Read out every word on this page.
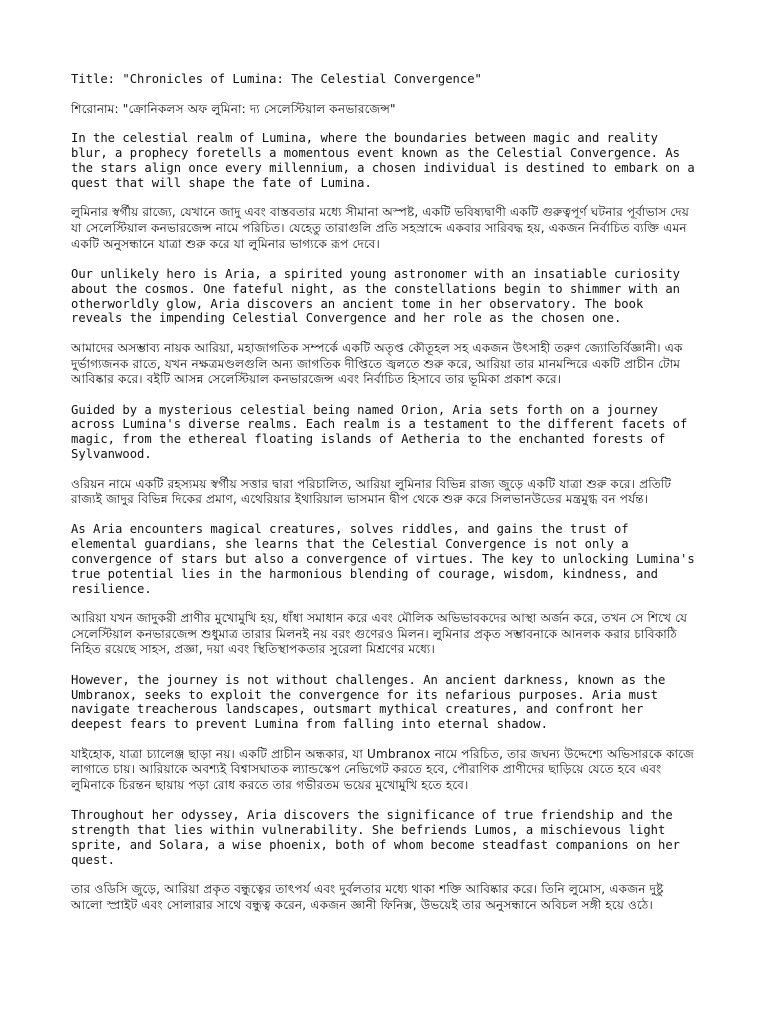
Title: "Chronicles of Lumina: The Celestial Convergence"
শিরোনাম: "ক্রোনিকলস অফ লুমিনা: দ্য সেলেস্টিয়াল কনভারজেন্স"
In the celestial realm of Lumina, where the boundaries between magic and reality blur, a prophecy foretells a momentous event known as the Celestial Convergence. As the stars align once every millennium, a chosen individual is destined to embark on a quest that will shape the fate of Lumina.
লুমিনার স্বর্গীয় রাজ্যে, যেখানে জাদু এবং বাস্তবতার মধ্যে সীমানা অস্পষ্ট, একটি ভবিষ্যদ্বাণী একটি গুরুত্বপূর্ণ ঘটনার পূর্বাভাস দেয় যা সেলেস্টিয়াল কনভারজেন্স নামে পরিচিত। যেহেতু তারাগুলি প্রতি সহস্রাব্দে একবার সারিবদ্ধ হয়, একজন নির্বাচিত ব্যক্তি এমন একটি অনুসন্ধানে যাত্রা শুরু করে যা লুমিনার ভাগ্যকে রূপ দেবে।
Our unlikely hero is Aria, a spirited young astronomer with an insatiable curiosity about the cosmos. One fateful night, as the constellations begin to shimmer with an otherworldly glow, Aria discovers an ancient tome in her observatory. The book reveals the impending Celestial Convergence and her role as the chosen one.
আমাদের অসম্ভাব্য নায়ক আরিয়া, মহাজাগতিক সম্পর্কে একটি অতৃপ্ত কৌতূহল সহ একজন উৎসাহী তরুণ জ্যোতির্বিজ্ঞানী। এক দুর্ভাগ্যজনক রাতে, যখন নক্ষত্রমণ্ডলগুলি অন্য জাগতিক দীপ্তিতে জ্বলতে শুরু করে, আরিয়া তার মানমন্দিরে একটি প্রাচীন টোম আবিষ্কার করে। বইটি আসন্ন সেলেস্টিয়াল কনভারজেন্স এবং নির্বাচিত হিসাবে তার ভূমিকা প্রকাশ করে।
Guided by a mysterious celestial being named Orion, Aria sets forth on a journey across Lumina's diverse realms. Each realm is a testament to the different facets of magic, from the ethereal floating islands of Aetheria to the enchanted forests of Sylvanwood.
ওরিয়ন নামে একটি রহস্যময় স্বর্গীয় সত্তার দ্বারা পরিচালিত, আরিয়া লুমিনার বিভিন্ন রাজ্য জুড়ে একটি যাত্রা শুরু করে। প্রতিটি রাজ্যই জাদুর বিভিন্ন দিকের প্রমাণ, এথেরিয়ার ইথারিয়াল ভাসমান দ্বীপ থেকে শুরু করে সিলভানউডের মন্ত্রমুগ্ধ বন পর্যন্ত।
As Aria encounters magical creatures, solves riddles, and gains the trust of elemental guardians, she learns that the Celestial Convergence is not only a convergence of stars but also a convergence of virtues. The key to unlocking Lumina's true potential lies in the harmonious blending of courage, wisdom, kindness, and resilience.
আরিয়া যখন জাদুকরী প্রাণীর মুখোমুখি হয়, ধাঁধা সমাধান করে এবং মৌলিক অভিভাবকদের আস্থা অর্জন করে, তখন সে শিখে যে সেলেস্টিয়াল কনভারজেন্স শুধুমাত্র তারার মিলনই নয় বরং গুণেরও মিলন। লুমিনার প্রকৃত সম্ভাবনাকে আনলক করার চাবিকাঠি নিহিত রয়েছে সাহস, প্রজ্ঞা, দয়া এবং স্থিতিস্থাপকতার সুরেলা মিশ্রণের মধ্যে।
However, the journey is not without challenges. An ancient darkness, known as the Umbranox, seeks to exploit the convergence for its nefarious purposes. Aria must navigate treacherous landscapes, outsmart mythical creatures, and confront her deepest fears to prevent Lumina from falling into eternal shadow.
যাইহোক, যাত্রা চ্যালেঞ্জ ছাড়া নয়। একটি প্রাচীন অন্ধকার, যা Umbranox নামে পরিচিত, তার জঘন্য উদ্দেশ্যে অভিসারকে কাজে লাগাতে চায়। আরিয়াকে অবশ্যই বিশ্বাসঘাতক ল্যান্ডস্কেপ নেভিগেট করতে হবে, পৌরাণিক প্রাণীদের ছাড়িয়ে যেতে হবে এবং লুমিনাকে চিরন্তন ছায়ায় পড়া রোধ করতে তার গভীরতম ভয়ের মুখোমুখি হতে হবে।
Throughout her odyssey, Aria discovers the significance of true friendship and the strength that lies within vulnerability. She befriends Lumos, a mischievous light sprite, and Solara, a wise phoenix, both of whom become steadfast companions on her quest.
তার ওডিসি জুড়ে, আরিয়া প্রকৃত বন্ধুত্বের তাৎপর্য এবং দুর্বলতার মধ্যে থাকা শক্তি আবিষ্কার করে। তিনি লুমোস, একজন দুষ্টু আলো স্প্রাইট এবং সোলারার সাথে বন্ধুত্ব করেন, একজন জ্ঞানী ফিনিক্স, উভয়েই তার অনুসন্ধানে অবিচল সঙ্গী হয়ে ওঠে।
